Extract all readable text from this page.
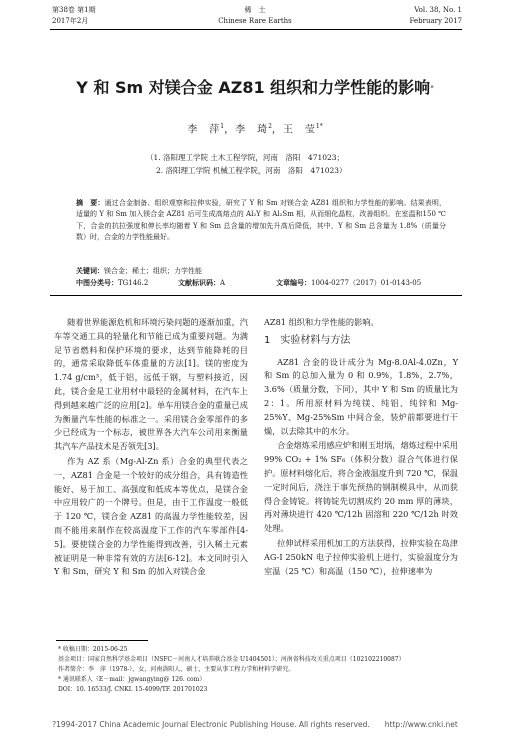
第38卷 第1期
2017年2月
稀　土
Chinese Rare Earths
Vol. 38, No. 1
February 2017
Y 和 Sm 对镁合金 AZ81 组织和力学性能的影响*
李　萍$^1$，李　琦$^2$，王　莹$^{1*}$
（1. 洛阳理工学院 土木工程学院，河南　洛阳　471023；
2. 洛阳理工学院 机械工程学院，河南　洛阳　471023）
摘　要：通过合金制备、组织观察和拉伸实验，研究了 Y 和 Sm 对镁合金 AZ81 组织和力学性能的影响。结果表明，适量的 Y 和 Sm 加入镁合金 AZ81 后可生成高熔点的 Al₂Y 和 Al₂Sm 相，从而细化晶粒，改善组织。在室温和150 ℃下，合金的抗拉强度和伸长率均随着 Y 和 Sm 总含量的增加先升高后降低，其中，Y 和 Sm 总含量为 1.8%（质量分数）时，合金的力学性能最好。
关键词：镁合金；稀土；组织；力学性能
中图分类号：TG146.2	文献标识码：A	文章编号：1004-0277（2017）01-0143-05

随着世界能源危机和环境污染问题的逐渐加重，汽车等交通工具的轻量化和节能已成为重要问题。为满足节省燃料和保护环境的要求，达到节能降耗的目的，通常采取降低车体重量的方法[1]。镁的密度为 1.74 g/cm³，低于铝，远低于钢，与塑料接近，因此，镁合金是工业用材中最轻的金属材料，在汽车上得到越来越广泛的应用[2]。单车用镁合金的重量已成为衡量汽车性能的标准之一。采用镁合金零部件的多少已经成为一个标志，被世界各大汽车公司用来衡量其汽车产品技术是否领先[3]。

作为 AZ 系（Mg-Al-Zn 系）合金的典型代表之一，AZ81 合金是一个较好的成分组合，具有铸造性能好、易于加工、高强度和低成本等优点，是镁合金中应用较广的一个牌号。但是，由于工作温度一般低于 120 ℃，镁合金 AZ81 的高温力学性能较差，因而不能用来制作在较高温度下工作的汽车零部件[4-5]。要使镁合金的力学性能得到改善，引入稀土元素被证明是一种非常有效的方法[6-12]。本文同时引入 Y 和 Sm，研究 Y 和 Sm 的加入对镁合金

AZ81 组织和力学性能的影响。

1　实验材料与方法

AZ81 合金的设计成分为 Mg-8.0Al-4.0Zn，Y 和 Sm 的总加入量为 0 和 0.9%，1.8%，2.7%，3.6%（质量分数，下同），其中 Y 和 Sm 的质量比为2：1。所用原材料为纯镁、纯铝、纯锌和 Mg-25%Y、Mg-25%Sm 中间合金，装炉前都要进行干燥，以去除其中的水分。

合金熔炼采用感应炉和刚玉坩埚，熔炼过程中采用 99% CO₂ + 1% SF₆（体积分数）混合气体进行保护。原材料熔化后，将合金液温度升到 720 ℃，保温一定时间后，浇注于事先预热的钢制模具中，从而获得合金铸锭。将铸锭先切割成约 20 mm 厚的薄块，再对薄块进行 420 ℃/12h 固溶和 220 ℃/12h 时效处理。

拉伸试样采用机加工的方法获得，拉伸实验在岛津 AG-I 250kN 电子拉伸实验机上进行，实验温度分为室温（25 ℃）和高温（150 ℃），拉伸速率为

* 收稿日期：2015-06-25
基金项目：国家自然科学基金项目（NSFC－河南人才培养联合基金 U1404501）；河南省科技攻关重点项目（102102210087）
作者简介：李　萍（1978-），女，河南洛阳人，硕士，主要从事工程力学和材料学研究。
* 通讯联系人（E－mail：jgwangying@ 126. com）
DOI：10. 16533/J. CNKI. 15-4099/TF. 201701023
?1994-2017 China Academic Journal Electronic Publishing House. All rights reserved.　　http://www.cnki.net
